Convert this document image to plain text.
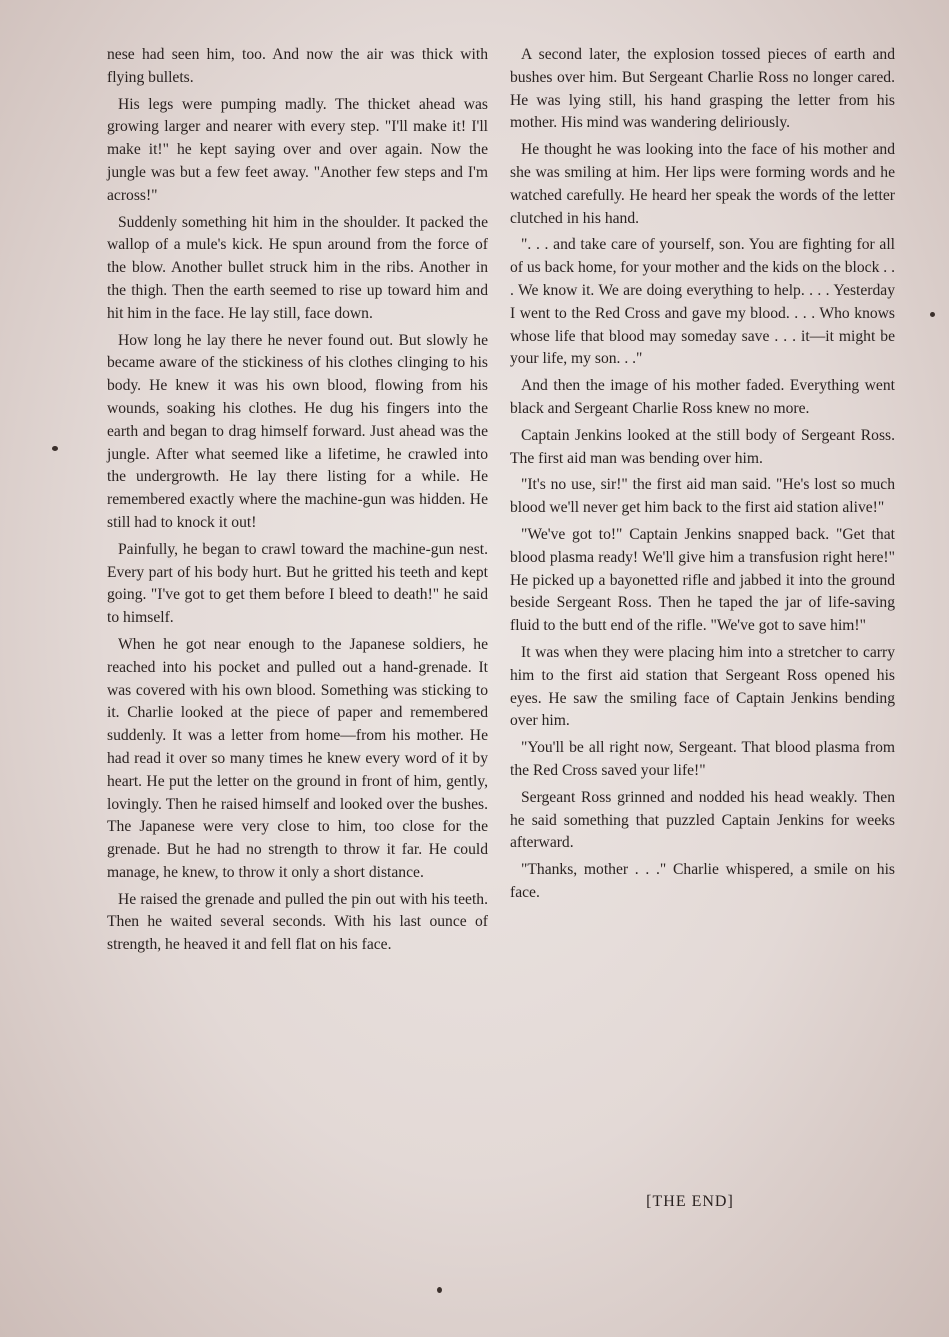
nese had seen him, too. And now the air was thick with flying bullets.

His legs were pumping madly. The thicket ahead was growing larger and nearer with every step. "I'll make it! I'll make it!" he kept saying over and over again. Now the jungle was but a few feet away. "Another few steps and I'm across!"

Suddenly something hit him in the shoulder. It packed the wallop of a mule's kick. He spun around from the force of the blow. Another bullet struck him in the ribs. Another in the thigh. Then the earth seemed to rise up toward him and hit him in the face. He lay still, face down.

How long he lay there he never found out. But slowly he became aware of the stickiness of his clothes clinging to his body. He knew it was his own blood, flowing from his wounds, soaking his clothes. He dug his fingers into the earth and began to drag himself forward. Just ahead was the jungle. After what seemed like a lifetime, he crawled into the undergrowth. He lay there listing for a while. He remembered exactly where the machine-gun was hidden. He still had to knock it out!

Painfully, he began to crawl toward the machine-gun nest. Every part of his body hurt. But he gritted his teeth and kept going. "I've got to get them before I bleed to death!" he said to himself.

When he got near enough to the Japanese soldiers, he reached into his pocket and pulled out a hand-grenade. It was covered with his own blood. Something was sticking to it. Charlie looked at the piece of paper and remembered suddenly. It was a letter from home—from his mother. He had read it over so many times he knew every word of it by heart. He put the letter on the ground in front of him, gently, lovingly. Then he raised himself and looked over the bushes. The Japanese were very close to him, too close for the grenade. But he had no strength to throw it far. He could manage, he knew, to throw it only a short distance.

He raised the grenade and pulled the pin out with his teeth. Then he waited several seconds. With his last ounce of strength, he heaved it and fell flat on his face.

A second later, the explosion tossed pieces of earth and bushes over him. But Sergeant Charlie Ross no longer cared. He was lying still, his hand grasping the letter from his mother. His mind was wandering deliriously.

He thought he was looking into the face of his mother and she was smiling at him. Her lips were forming words and he watched carefully. He heard her speak the words of the letter clutched in his hand.

". . . and take care of yourself, son. You are fighting for all of us back home, for your mother and the kids on the block . . . We know it. We are doing everything to help. . . . Yesterday I went to the Red Cross and gave my blood. . . . Who knows whose life that blood may someday save . . . it—it might be your life, my son. . ."

And then the image of his mother faded. Everything went black and Sergeant Charlie Ross knew no more.

Captain Jenkins looked at the still body of Sergeant Ross. The first aid man was bending over him.

"It's no use, sir!" the first aid man said. "He's lost so much blood we'll never get him back to the first aid station alive!"

"We've got to!" Captain Jenkins snapped back. "Get that blood plasma ready! We'll give him a transfusion right here!" He picked up a bayonetted rifle and jabbed it into the ground beside Sergeant Ross. Then he taped the jar of life-saving fluid to the butt end of the rifle. "We've got to save him!"

It was when they were placing him into a stretcher to carry him to the first aid station that Sergeant Ross opened his eyes. He saw the smiling face of Captain Jenkins bending over him.

"You'll be all right now, Sergeant. That blood plasma from the Red Cross saved your life!"

Sergeant Ross grinned and nodded his head weakly. Then he said something that puzzled Captain Jenkins for weeks afterward.

"Thanks, mother . . ." Charlie whispered, a smile on his face.

[THE END]
